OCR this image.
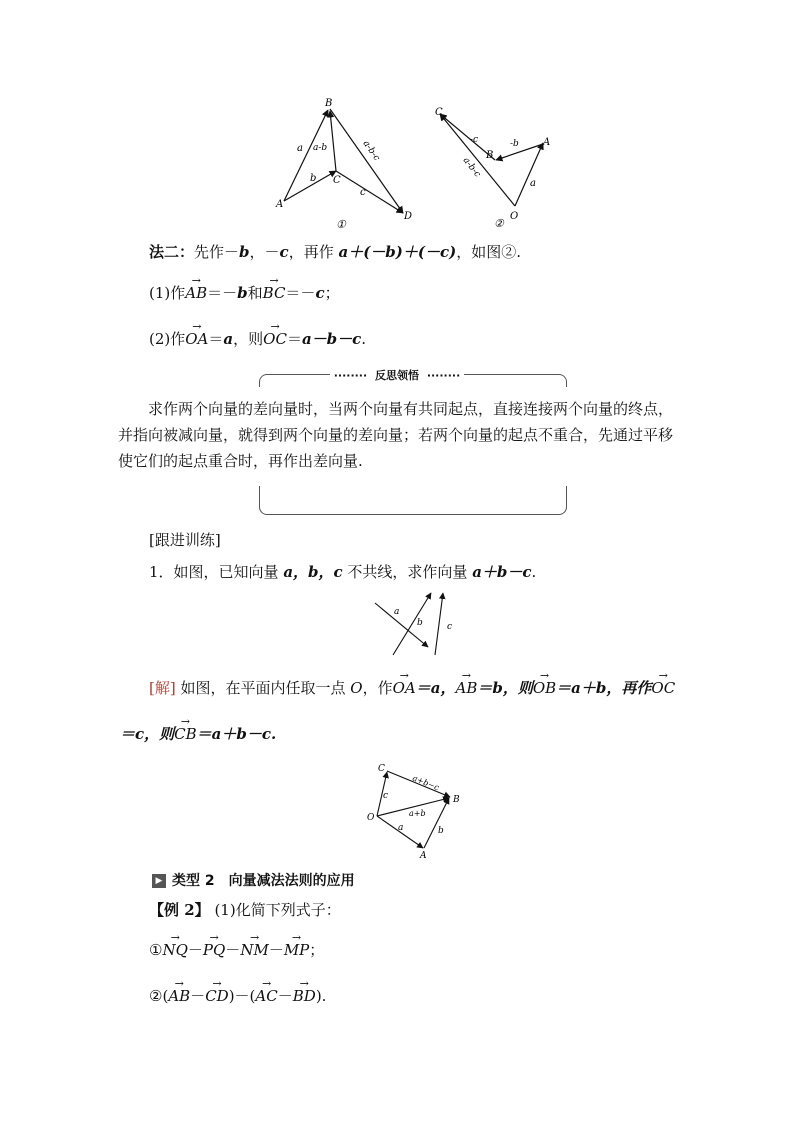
B
A
C
D
a a-b
b
c
a-b-c
①
C
B
A
O
-c	-b
a
a-b-c
②
法二：先作－b，－c，再作 a＋(－b)＋(－c)，如图②.
(1)作→ AB＝－b和→ BC＝－c；
(2)作→ OA＝a，则→ OC＝a－b－c.
········ 反思领悟 ········
求作两个向量的差向量时，当两个向量有共同起点，直接连接两个向量的终点，并指向被减向量，就得到两个向量的差向量；若两个向量的起点不重合，先通过平移使它们的起点重合时，再作出差向量.
[跟进训练]
1．如图，已知向量 a，b，c 不共线，求作向量 a＋b－c.
a
b	c
[解] 如图，在平面内任取一点 O，作→ OA＝a，→ AB＝b，则→ OB＝a＋b，再作→ OC
＝c，则→ CB＝a＋b－c.
C
B
O
A
a	b
c
a+b
a+b−c
▶ 类型 2　向量减法法则的应用
【例 2】 (1)化简下列式子：
①→ NQ－→ PQ－→ NM－→ MP；
②(→ AB－→ CD)－(→ AC－→ BD).
